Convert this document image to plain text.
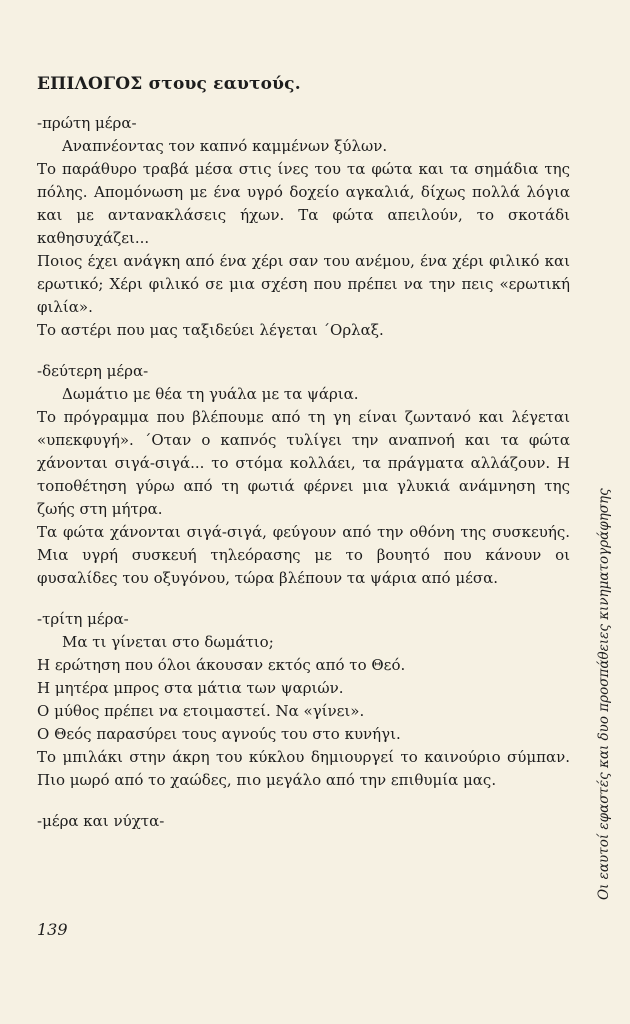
ΕΠΙΛΟΓΟΣ στους εαυτούς.
-πρώτη μέρα-
Αναπνέοντας τον καπνό καμμένων ξύλων.
Το παράθυρο τραβά μέσα στις ίνες του τα φώτα και τα σημάδια της πόλης. Απομόνωση με ένα υγρό δοχείο αγκαλιά, δίχως πολλά λόγια και με αντανακλάσεις ήχων. Τα φώτα απειλούν, το σκοτάδι καθησυχάζει...
Ποιος έχει ανάγκη από ένα χέρι σαν του ανέμου, ένα χέρι φιλικό και ερωτικό; Χέρι φιλικό σε μια σχέση που πρέπει να την πεις «ερωτική φιλία».
Το αστέρι που μας ταξιδεύει λέγεται ΄Ορλαξ.
-δεύτερη μέρα-
Δωμάτιο με θέα τη γυάλα με τα ψάρια.
Το πρόγραμμα που βλέπουμε από τη γη είναι ζωντανό και λέγεται «υπεκφυγή». ΄Οταν ο καπνός τυλίγει την αναπνοή και τα φώτα χάνονται σιγά-σιγά... το στόμα κολλάει, τα πράγματα αλλάζουν. Η τοποθέτηση γύρω από τη φωτιά φέρνει μια γλυκιά ανάμνηση της ζωής στη μήτρα.
Τα φώτα χάνονται σιγά-σιγά, φεύγουν από την οθόνη της συσκευής. Μια υγρή συσκευή τηλεόρασης με το βουητό που κάνουν οι φυσαλίδες του οξυγόνου, τώρα βλέπουν τα ψάρια από μέσα.
-τρίτη μέρα-
Μα τι γίνεται στο δωμάτιο;
Η ερώτηση που όλοι άκουσαν εκτός από το Θεό.
Η μητέρα μπρος στα μάτια των ψαριών.
Ο μύθος πρέπει να ετοιμαστεί. Να «γίνει».
Ο Θεός παρασύρει τους αγνούς του στο κυνήγι.
Το μπιλάκι στην άκρη του κύκλου δημιουργεί το καινούριο σύμπαν. Πιο μωρό από το χαώδες, πιο μεγάλο από την επιθυμία μας.
-μέρα και νύχτα-
139
Οι εαυτοί εφαστές και δυο προσπάθειες κινηματογράφησης
